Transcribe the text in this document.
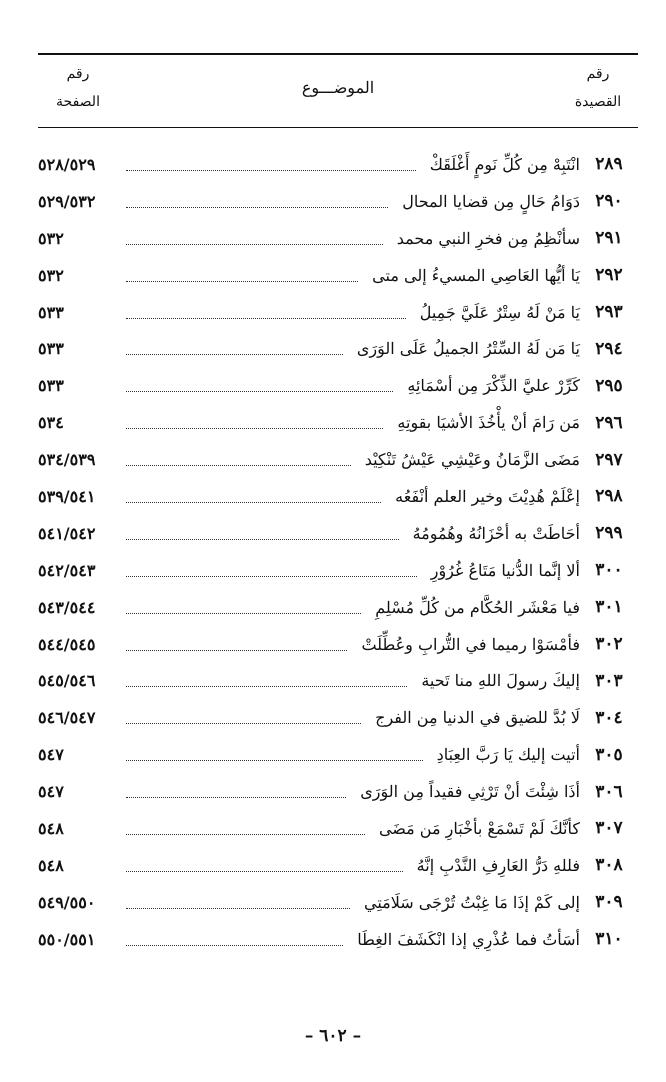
رقم
القصيدة
الموضـــوع
رقم
الصفحة
٢٨٩
انْتَبِهْ مِن كُلِّ نَومٍ أَغْلَقَكْ
٥٢٨/٥٢٩
٢٩٠
دَوَامُ حَالٍ مِن قضايا المحال
٥٢٩/٥٣٢
٢٩١
سأنْظِمُ مِن فخرِ النبي محمد
٥٣٢
٢٩٢
يَا أيُّها العَاصِي المسيءُ إلى متى
٥٣٢
٢٩٣
يَا مَنْ لَهُ سِتْرٌ عَلَيَّ جَمِيلُ
٥٣٣
٢٩٤
يَا مَن لَهُ السِّتْرُ الجميلُ عَلَى الوَرَى
٥٣٣
٢٩٥
كَرِّرْ عليَّ الذِّكْرَ مِن أسْمَائِهِ
٥٣٣
٢٩٦
مَن رَامَ أنْ يأْخُذَ الأشيَا بقوتِهِ
٥٣٤
٢٩٧
مَضَى الزَّمَانُ وعَيْشِي عَيْشُ تَنْكِيْد
٥٣٤/٥٣٩
٢٩٨
إعْلَمْ هُدِيْتَ وخير العلم أنْفَعُه
٥٣٩/٥٤١
٢٩٩
أحَاطَتْ به أحْزَانُهُ وهُمُومُهُ
٥٤١/٥٤٢
٣٠٠
ألا إنَّما الدُّنيا مَتَاعُ غُرُوْرِ
٥٤٢/٥٤٣
٣٠١
فيا مَعْشَر الحُكَّام من كُلِّ مُسْلِمِ
٥٤٣/٥٤٤
٣٠٢
فأمْسَوْا رميما في التُّرابِ وعُطِّلَتْ
٥٤٤/٥٤٥
٣٠٣
إليكَ رسولَ اللهِ منا تَحية
٥٤٥/٥٤٦
٣٠٤
لَا بُدَّ للضيق في الدنيا مِن الفرج
٥٤٦/٥٤٧
٣٠٥
أتيت إليك يَا رَبَّ العِبَادِ
٥٤٧
٣٠٦
أذَا شِئْتَ أنْ تَرْثِي فقيداً مِن الوَرَى
٥٤٧
٣٠٧
كأنَّكَ لَمْ تَسْمَعْ بأخْبَارِ مَن مَضَى
٥٤٨
٣٠٨
فللهِ دَرُّ العَارِفِ النَّدْبِ إنَّهُ
٥٤٨
٣٠٩
إلى كَمْ إذَا مَا غِبْتُ تُرْجَى سَلَامَتِي
٥٤٩/٥٥٠
٣١٠
أسَأتُ فما عُذْرِي إذا انْكَشَفَ الغِطَا
٥٥٠/٥٥١
– ٦٠٢ –
